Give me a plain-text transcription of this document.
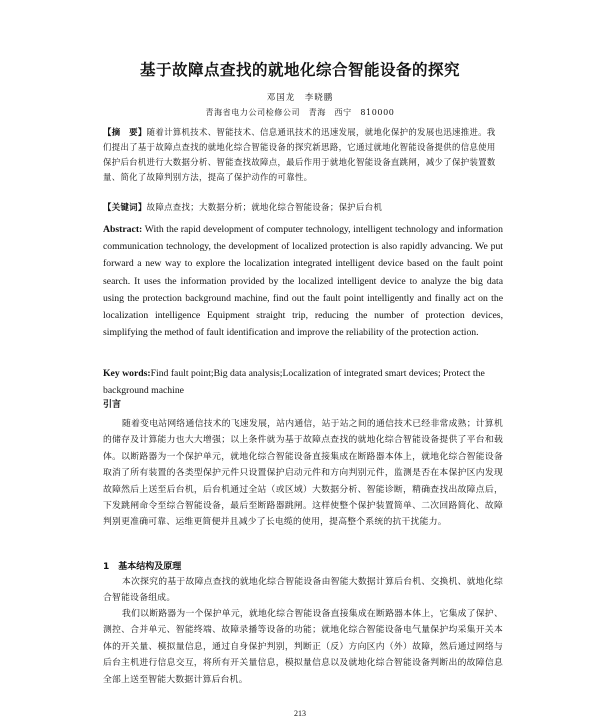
基于故障点查找的就地化综合智能设备的探究
邓国龙　李晓鹏
青海省电力公司检修公司　青海　西宁　810000
【摘　要】随着计算机技术、智能技术、信息通讯技术的迅速发展，就地化保护的发展也迅速推进。我们提出了基于故障点查找的就地化综合智能设备的探究新思路，它通过就地化智能设备提供的信息使用保护后台机进行大数据分析、智能查找故障点，最后作用于就地化智能设备直跳闸，减少了保护装置数量、简化了故障判别方法，提高了保护动作的可靠性。
【关键词】故障点查找；大数据分析；就地化综合智能设备；保护后台机
Abstract: With the rapid development of computer technology, intelligent technology and information communication technology, the development of localized protection is also rapidly advancing. We put forward a new way to explore the localization integrated intelligent device based on the fault point search. It uses the information provided by the localized intelligent device to analyze the big data using the protection background machine, find out the fault point intelligently and finally act on the localization intelligence Equipment straight trip, reducing the number of protection devices, simplifying the method of fault identification and improve the reliability of the protection action.
Key words:Find fault point;Big data analysis;Localization of integrated smart devices; Protect the background machine
引言

随着变电站网络通信技术的飞速发展，站内通信，站于站之间的通信技术已经非常成熟；计算机的储存及计算能力也大大增强；以上条件就为基于故障点查找的就地化综合智能设备提供了平台和载体。以断路器为一个保护单元，就地化综合智能设备直接集成在断路器本体上，就地化综合智能设备取消了所有装置的各类型保护元件只设置保护启动元件和方向判别元件，监测是否在本保护区内发现故障然后上送至后台机，后台机通过全站（或区域）大数据分析、智能诊断，精确查找出故障点后，下发跳闸命令至综合智能设备，最后至断路器跳闸。这样使整个保护装置简单、二次回路简化、故障判别更准确可靠、运维更简便并且减少了长电缆的使用，提高整个系统的抗干扰能力。

1　基本结构及原理

本次探究的基于故障点查找的就地化综合智能设备由智能大数据计算后台机、交换机、就地化综合智能设备组成。

我们以断路器为一个保护单元，就地化综合智能设备直接集成在断路器本体上，它集成了保护、测控、合并单元、智能终端、故障录播等设备的功能；就地化综合智能设备电气量保护均采集开关本体的开关量、模拟量信息，通过自身保护判别，判断正（反）方向区内（外）故障，然后通过网络与后台主机进行信息交互，将所有开关量信息，模拟量信息以及就地化综合智能设备判断出的故障信息全部上送至智能大数据计算后台机。

213
